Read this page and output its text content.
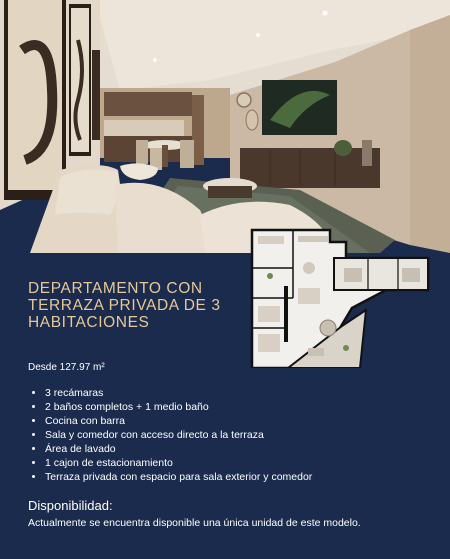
DEPARTAMENTO CON
TERRAZA PRIVADA DE 3
HABITACIONES
Desde 127.97 m²
• 3 recámaras
• 2 baños completos + 1 medio baño
• Cocina con barra
• Sala y comedor con acceso directo a la terraza
• Área de lavado
• 1 cajon de estacionamiento
• Terraza privada con espacio para sala exterior y comedor
Disponibilidad:
Actualmente se encuentra disponible una única unidad de este modelo.
